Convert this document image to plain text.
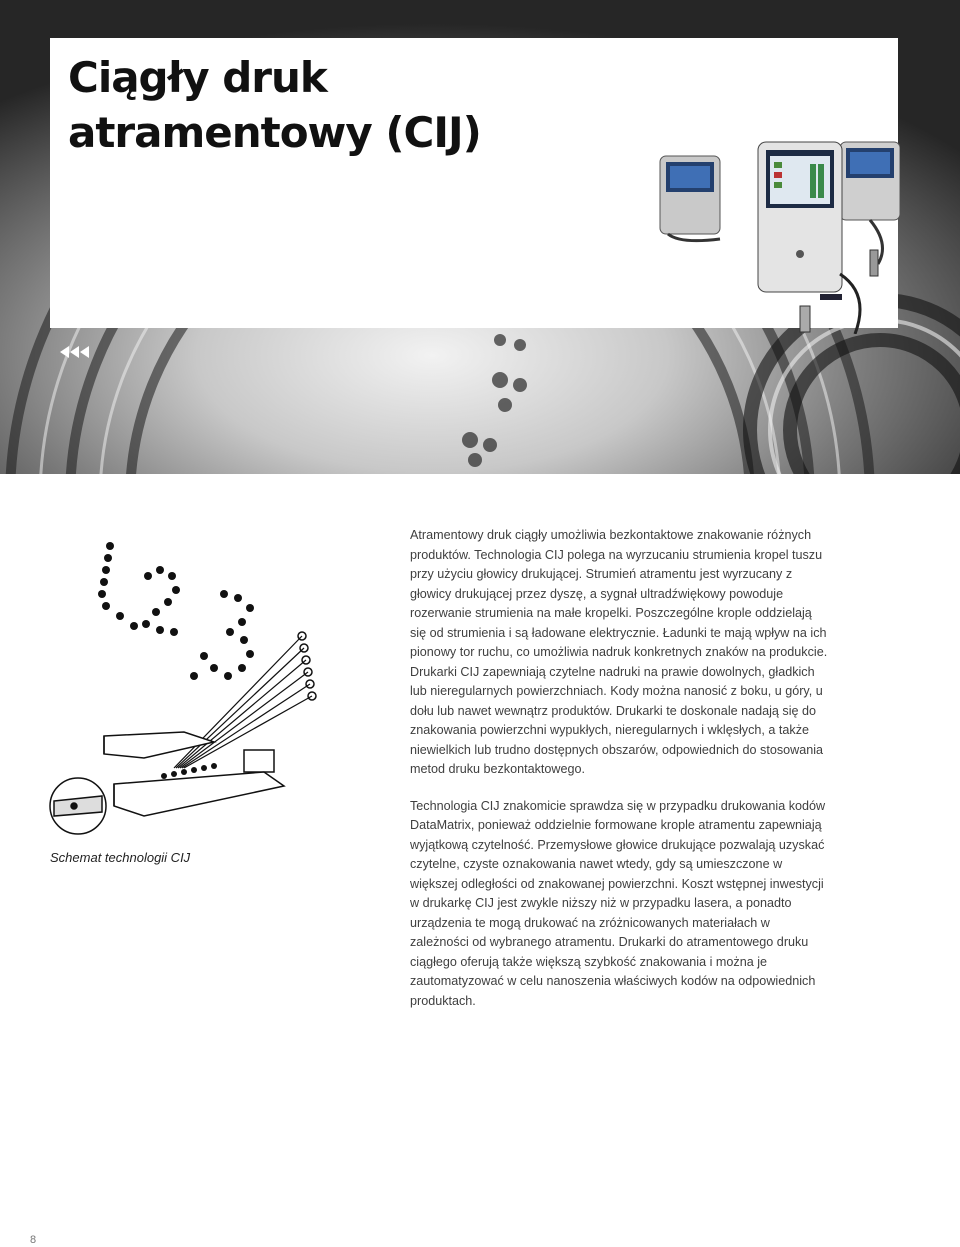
Ciągły druk
atramentowy (CIJ)

Schemat technologii CIJ

Atramentowy druk ciągły umożliwia bezkontaktowe znakowanie różnych produktów. Technologia CIJ polega na wyrzucaniu strumienia kropel tuszu przy użyciu głowicy drukującej. Strumień atramentu jest wyrzucany z głowicy drukującej przez dyszę, a sygnał ultradźwiękowy powoduje rozerwanie strumienia na małe kropelki. Poszczególne krople oddzielają się od strumienia i są ładowane elektrycznie. Ładunki te mają wpływ na ich pionowy tor ruchu, co umożliwia nadruk konkretnych znaków na produkcie. Drukarki CIJ zapewniają czytelne nadruki na prawie dowolnych, gładkich lub nieregularnych powierzchniach. Kody można nanosić z boku, u góry, u dołu lub nawet wewnątrz produktów. Drukarki te doskonale nadają się do znakowania powierzchni wypukłych, nieregularnych i wklęsłych, a także niewielkich lub trudno dostępnych obszarów, odpowiednich do stosowania metod druku bezkontaktowego.

Technologia CIJ znakomicie sprawdza się w przypadku drukowania kodów DataMatrix, ponieważ oddzielnie formowane krople atramentu zapewniają wyjątkową czytelność. Przemysłowe głowice drukujące pozwalają uzyskać czytelne, czyste oznakowania nawet wtedy, gdy są umieszczone w większej odległości od znakowanej powierzchni. Koszt wstępnej inwestycji w drukarkę CIJ jest zwykle niższy niż w przypadku lasera, a ponadto urządzenia te mogą drukować na zróżnicowanych materiałach w zależności od wybranego atramentu. Drukarki do atramentowego druku ciągłego oferują także większą szybkość znakowania i można je zautomatyzować w celu nanoszenia właściwych kodów na odpowiednich produktach.

8
